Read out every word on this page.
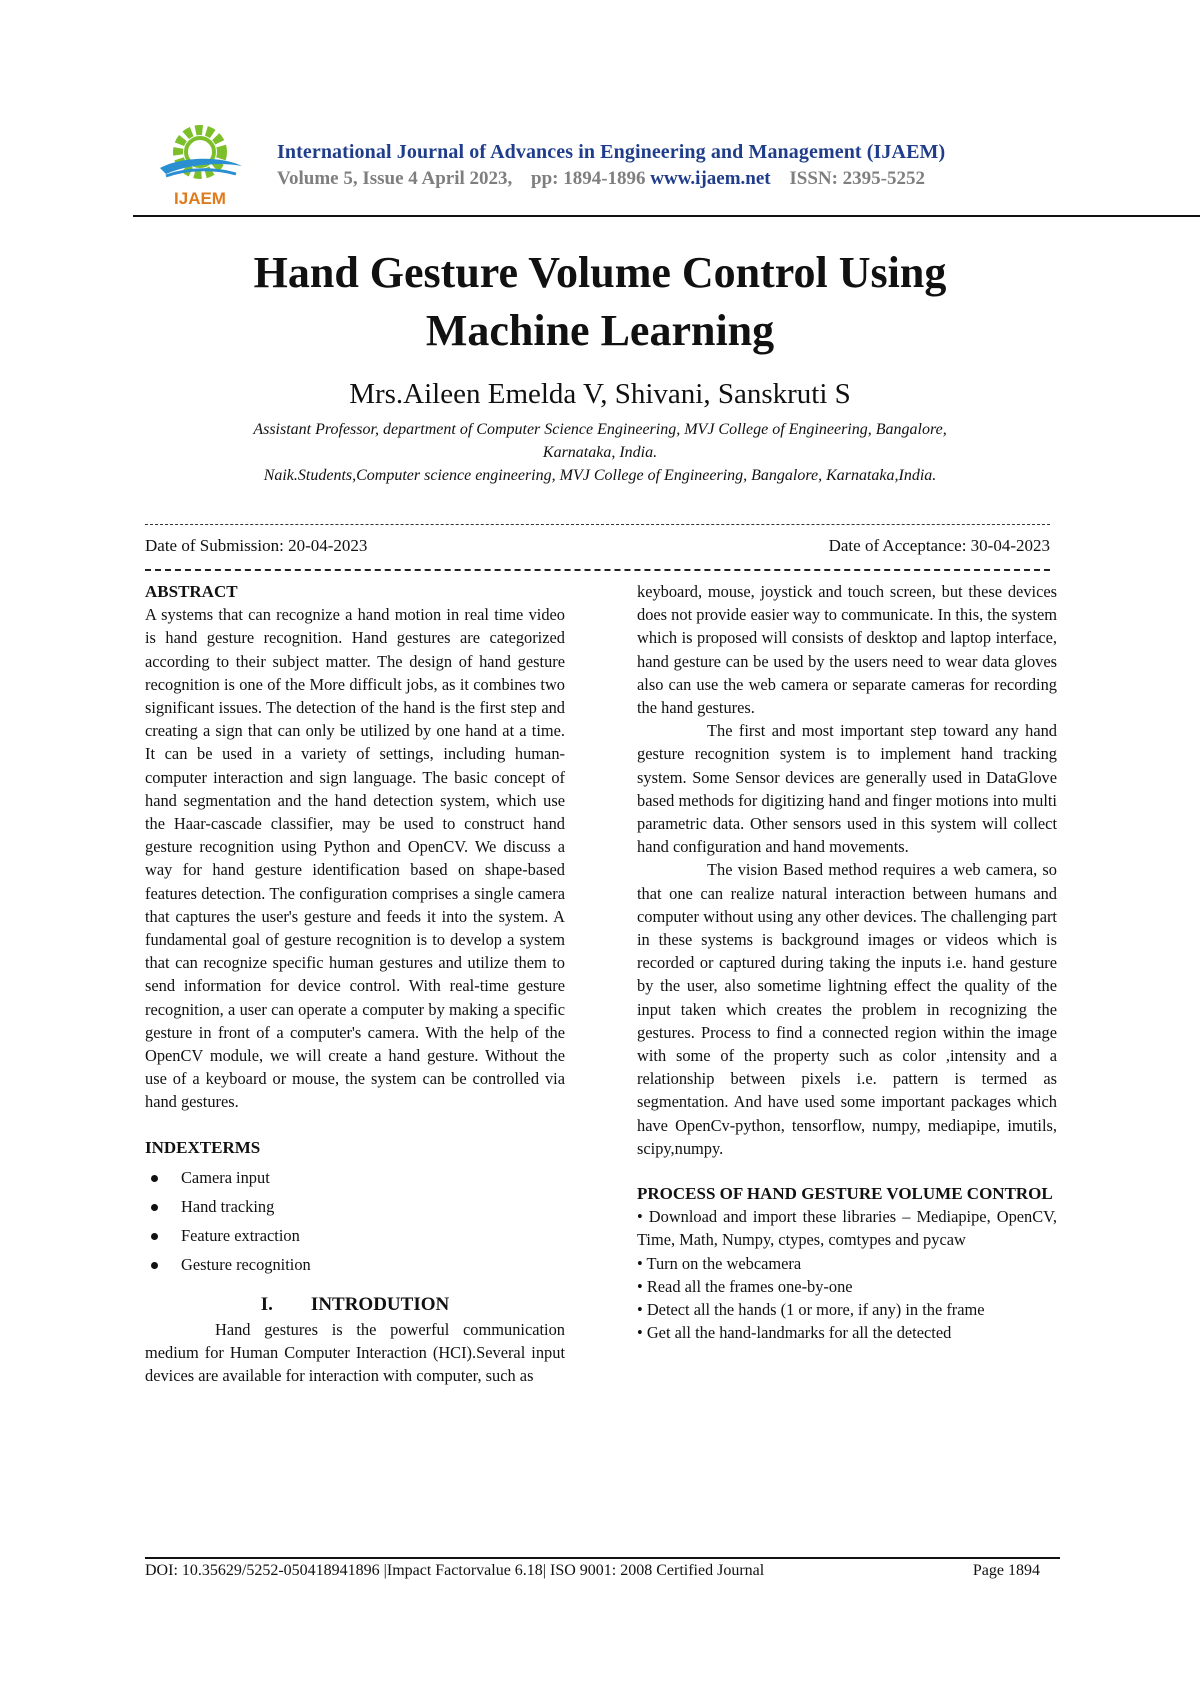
IJAEM
International Journal of Advances in Engineering and Management (IJAEM)
Volume 5, Issue 4 April 2023, pp: 1894-1896 www.ijaem.net ISSN: 2395-5252
Hand Gesture Volume Control Using
Machine Learning
Mrs.Aileen Emelda V, Shivani, Sanskruti S
Assistant Professor, department of Computer Science Engineering, MVJ College of Engineering, Bangalore,
Karnataka, India.
Naik.Students,Computer science engineering, MVJ College of Engineering, Bangalore, Karnataka,India.
Date of Submission: 20-04-2023	Date of Acceptance: 30-04-2023

ABSTRACT

A systems that can recognize a hand motion in real time video is hand gesture recognition. Hand gestures are categorized according to their subject matter. The design of hand gesture recognition is one of the More difficult jobs, as it combines two significant issues. The detection of the hand is the first step and creating a sign that can only be utilized by one hand at a time. It can be used in a variety of settings, including human-computer interaction and sign language. The basic concept of hand segmentation and the hand detection system, which use the Haar-cascade classifier, may be used to construct hand gesture recognition using Python and OpenCV. We discuss a way for hand gesture identification based on shape-based features detection. The configuration comprises a single camera that captures the user's gesture and feeds it into the system. A fundamental goal of gesture recognition is to develop a system that can recognize specific human gestures and utilize them to send information for device control. With real-time gesture recognition, a user can operate a computer by making a specific gesture in front of a computer's camera. With the help of the OpenCV module, we will create a hand gesture. Without the use of a keyboard or mouse, the system can be controlled via hand gestures.

INDEXTERMS

Camera input
Hand tracking
Feature extraction
Gesture recognition
I. INTRODUTION

Hand gestures is the powerful communication medium for Human Computer Interaction (HCI).Several input devices are available for interaction with computer, such as

keyboard, mouse, joystick and touch screen, but these devices does not provide easier way to communicate. In this, the system which is proposed will consists of desktop and laptop interface, hand gesture can be used by the users need to wear data gloves also can use the web camera or separate cameras for recording the hand gestures.

The first and most important step toward any hand gesture recognition system is to implement hand tracking system. Some Sensor devices are generally used in DataGlove based methods for digitizing hand and finger motions into multi parametric data. Other sensors used in this system will collect hand configuration and hand movements.

The vision Based method requires a web camera, so that one can realize natural interaction between humans and computer without using any other devices. The challenging part in these systems is background images or videos which is recorded or captured during taking the inputs i.e. hand gesture by the user, also sometime lightning effect the quality of the input taken which creates the problem in recognizing the gestures. Process to find a connected region within the image with some of the property such as color ,intensity and a relationship between pixels i.e. pattern is termed as segmentation. And have used some important packages which have OpenCv-python, tensorflow, numpy, mediapipe, imutils, scipy,numpy.

PROCESS OF HAND GESTURE VOLUME CONTROL

• Download and import these libraries – Mediapipe, OpenCV, Time, Math, Numpy, ctypes, comtypes and pycaw
• Turn on the webcamera
• Read all the frames one-by-one
• Detect all the hands (1 or more, if any) in the frame
• Get all the hand-landmarks for all the detected
DOI: 10.35629/5252-050418941896 |Impact Factorvalue 6.18| ISO 9001: 2008 Certified Journal	Page 1894
